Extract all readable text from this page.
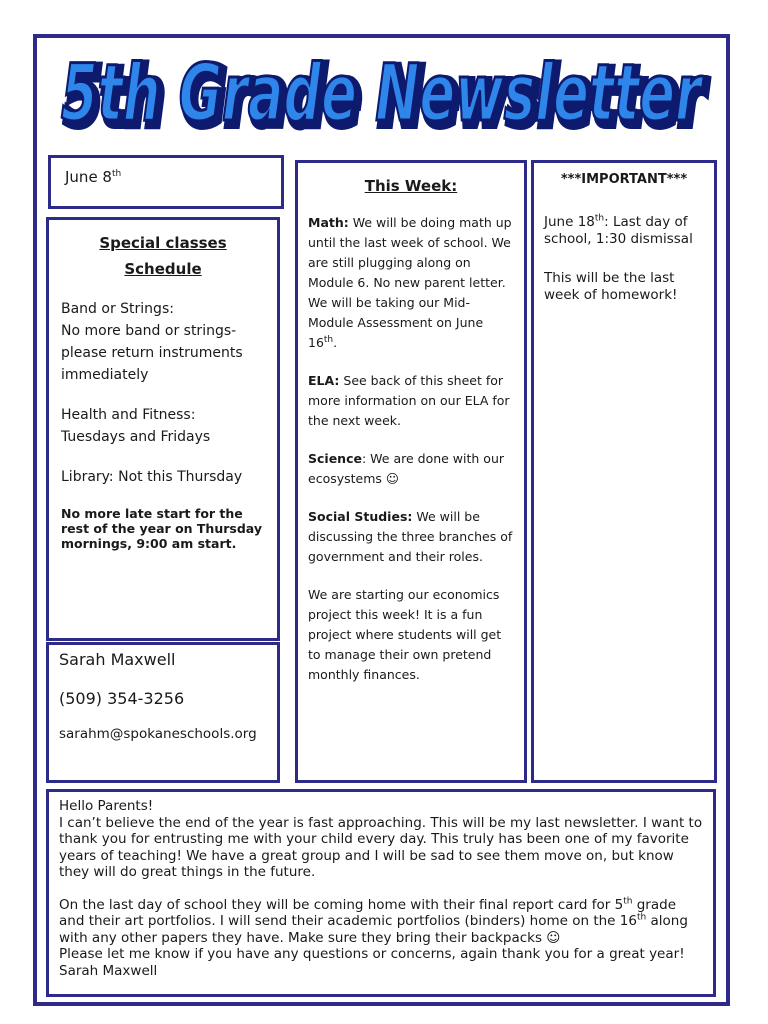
5th Grade Newsletter
5th Grade Newsletter
June 8th
Special classes
Schedule

Band or Strings:

No more band or strings- please return instruments immediately

Health and Fitness:

Tuesdays and Fridays

Library: Not this Thursday

No more late start for the rest of the year on Thursday mornings, 9:00 am start.

Sarah Maxwell

(509) 354-3256

sarahm@spokaneschools.org

This Week:

Math: We will be doing math up until the last week of school. We are still plugging along on Module 6. No new parent letter. We will be taking our Mid-Module Assessment on June 16th.

ELA: See back of this sheet for more information on our ELA for the next week.

Science: We are done with our ecosystems ☺

Social Studies: We will be discussing the three branches of government and their roles.

We are starting our economics project this week! It is a fun project where students will get to manage their own pretend monthly finances.

***IMPORTANT***

June 18th: Last day of school, 1:30 dismissal

This will be the last week of homework!

Hello Parents!

I can’t believe the end of the year is fast approaching. This will be my last newsletter. I want to thank you for entrusting me with your child every day. This truly has been one of my favorite years of teaching! We have a great group and I will be sad to see them move on, but know they will do great things in the future.

On the last day of school they will be coming home with their final report card for 5th grade and their art portfolios. I will send their academic portfolios (binders) home on the 16th along with any other papers they have. Make sure they bring their backpacks ☺

Please let me know if you have any questions or concerns, again thank you for a great year!

Sarah Maxwell
